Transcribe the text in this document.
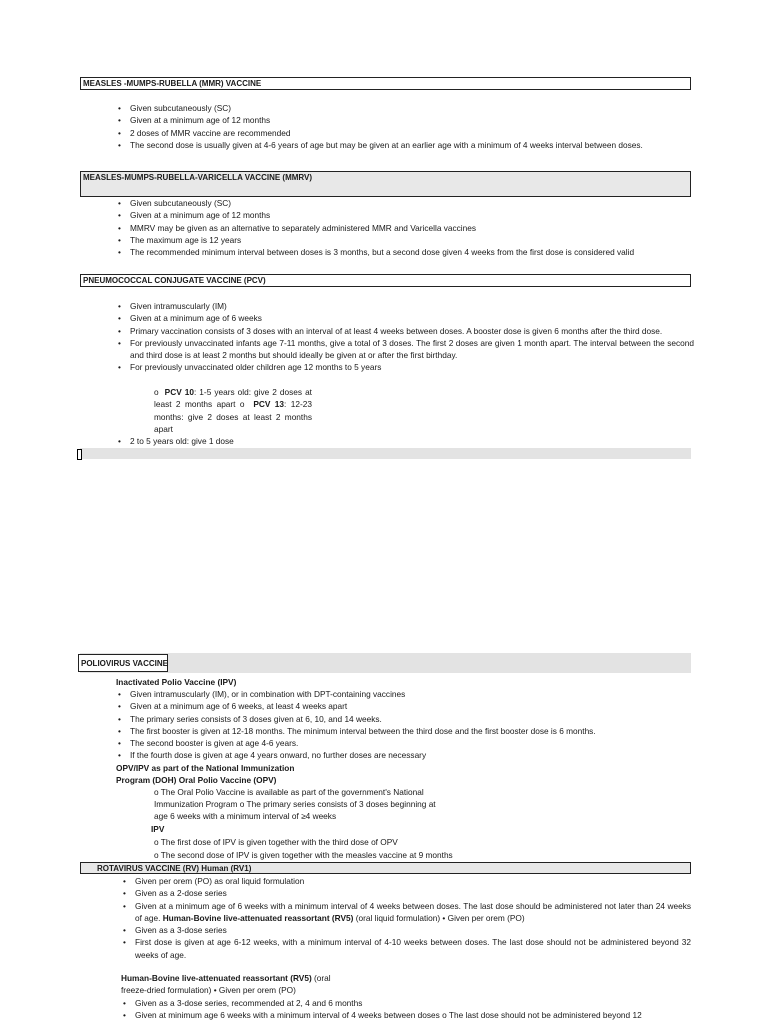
MEASLES -MUMPS-RUBELLA (MMR) VACCINE
• Given subcutaneously (SC)
• Given at a minimum age of 12 months
• 2 doses of MMR vaccine are recommended
• The second dose is usually given at 4-6 years of age but may be given at an earlier age with a minimum of 4 weeks interval between doses.
MEASLES-MUMPS-RUBELLA-VARICELLA VACCINE (MMRV)
• Given subcutaneously (SC)
• Given at a minimum age of 12 months
• MMRV may be given as an alternative to separately administered MMR and Varicella vaccines
• The maximum age is 12 years
• The recommended minimum interval between doses is 3 months, but a second dose given 4 weeks from the first dose is considered valid
PNEUMOCOCCAL CONJUGATE VACCINE (PCV)
• Given intramuscularly (IM)
• Given at a minimum age of 6 weeks
• Primary vaccination consists of 3 doses with an interval of at least 4 weeks between doses. A booster dose is given 6 months after the third dose.
• For previously unvaccinated infants age 7-11 months, give a total of 3 doses. The first 2 doses are given 1 month apart. The interval between the second and third dose is at least 2 months but should ideally be given at or after the first birthday.
• For previously unvaccinated older children age 12 months to 5 years
o PCV 10: 1-5 years old: give 2 doses at least 2 months apart o PCV 13: 12-23 months: give 2 doses at least 2 months apart
• 2 to 5 years old: give 1 dose
POLIOVIRUS VACCINE
Inactivated Polio Vaccine (IPV)
• Given intramuscularly (IM), or in combination with DPT-containing vaccines
• Given at a minimum age of 6 weeks, at least 4 weeks apart
• The primary series consists of 3 doses given at 6, 10, and 14 weeks.
• The first booster is given at 12-18 months. The minimum interval between the third dose and the first booster dose is 6 months.
• The second booster is given at age 4-6 years.
• If the fourth dose is given at age 4 years onward, no further doses are necessary
OPV/IPV as part of the National Immunization
Program (DOH) Oral Polio Vaccine (OPV)
o The Oral Polio Vaccine is available as part of the government's National
Immunization Program o The primary series consists of 3 doses beginning at
age 6 weeks with a minimum interval of ≥4 weeks
IPV
o The first dose of IPV is given together with the third dose of OPV
o The second dose of IPV is given together with the measles vaccine at 9 months
ROTAVIRUS VACCINE (RV) Human (RV1)
• Given per orem (PO) as oral liquid formulation
• Given as a 2-dose series
• Given at a minimum age of 6 weeks with a minimum interval of 4 weeks between doses. The last dose should be administered not later than 24 weeks of age. Human-Bovine live-attenuated reassortant (RV5) (oral liquid formulation) • Given per orem (PO)
• Given as a 3-dose series
• First dose is given at age 6-12 weeks, with a minimum interval of 4-10 weeks between doses. The last dose should not be administered beyond 32 weeks of age.
Human-Bovine live-attenuated reassortant (RV5) (oral
freeze-dried formulation) • Given per orem (PO)
• Given as a 3-dose series, recommended at 2, 4 and 6 months
• Given at minimum age 6 weeks with a minimum interval of 4 weeks between doses o The last dose should not be administered beyond 12
